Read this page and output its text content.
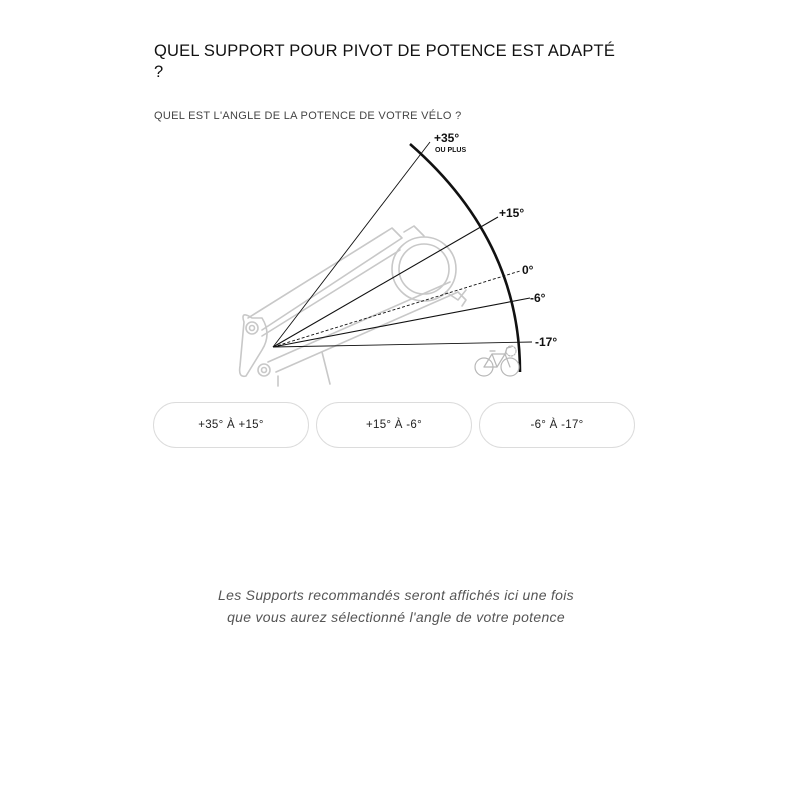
QUEL SUPPORT POUR PIVOT DE POTENCE EST ADAPTÉ ?

QUEL EST L'ANGLE DE LA POTENCE DE VOTRE VÉLO ?

+35°
OU PLUS
+15°
0°
-6°
-17°
+35° À +15°	+15° À -6°	-6° À -17°

Les Supports recommandés seront affichés ici une fois que vous aurez sélectionné l'angle de votre potence
